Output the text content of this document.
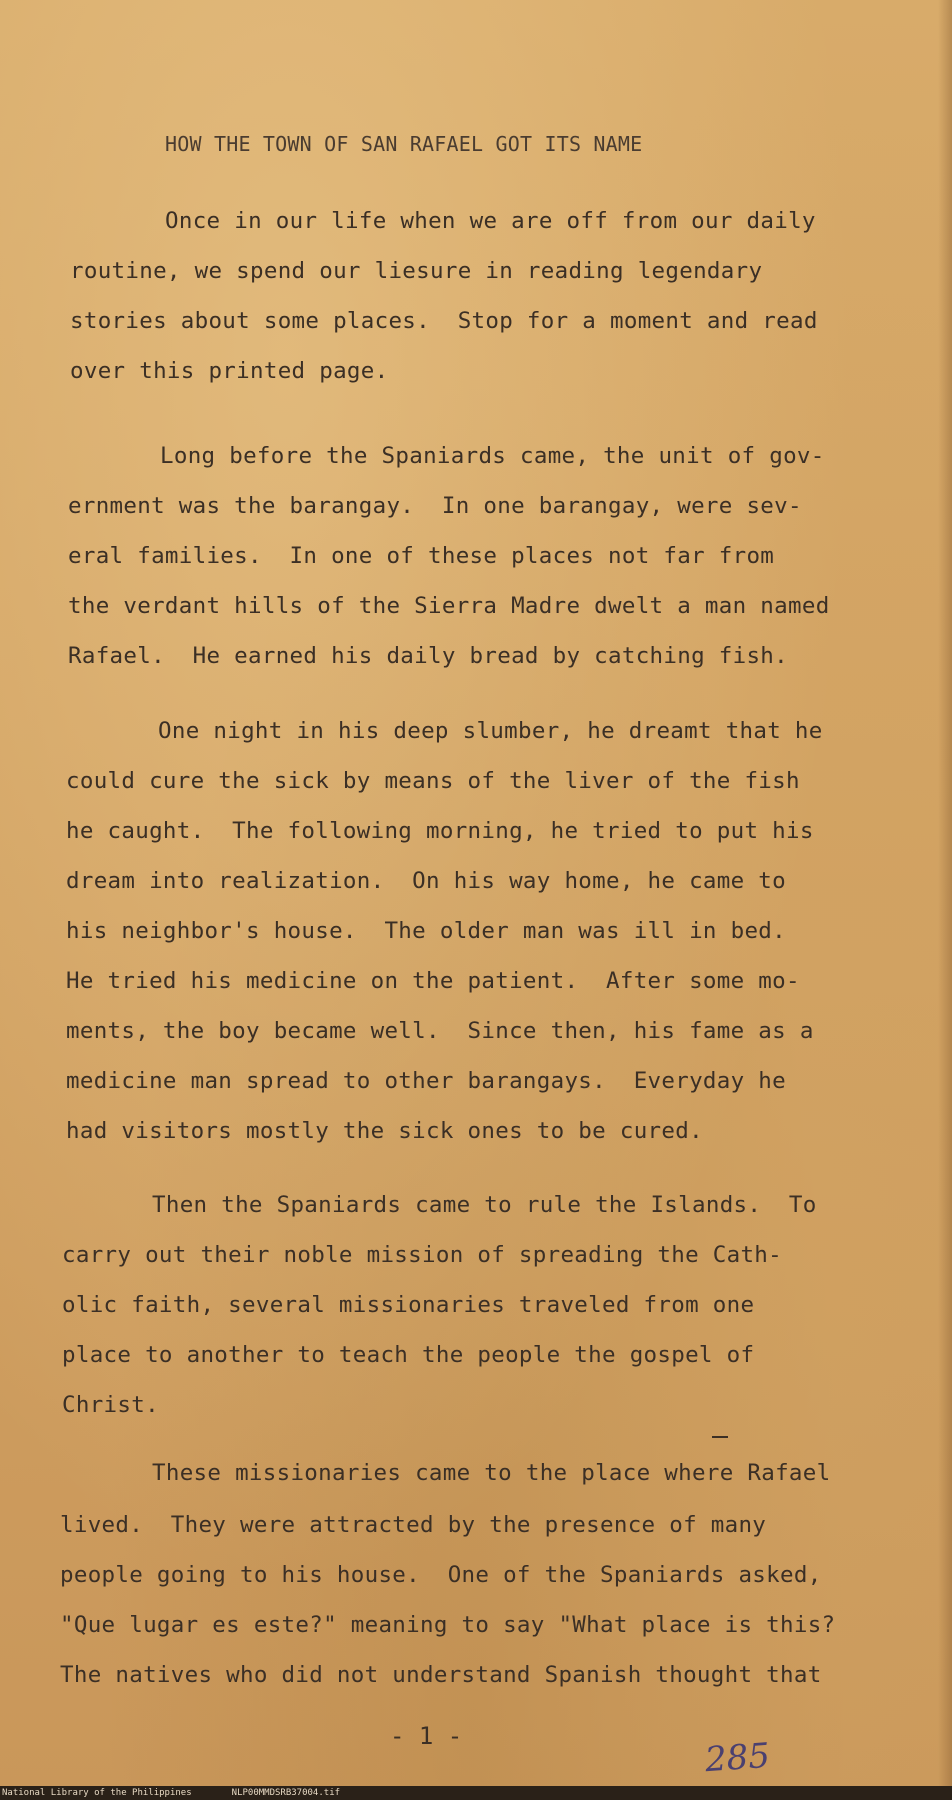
HOW THE TOWN OF SAN RAFAEL GOT ITS NAME
Once in our life when we are off from our daily
routine, we spend our liesure in reading legendary
stories about some places.  Stop for a moment and read
over this printed page.
Long before the Spaniards came, the unit of gov-
ernment was the barangay.  In one barangay, were sev-
eral families.  In one of these places not far from
the verdant hills of the Sierra Madre dwelt a man named
Rafael.  He earned his daily bread by catching fish.
One night in his deep slumber, he dreamt that he
could cure the sick by means of the liver of the fish
he caught.  The following morning, he tried to put his
dream into realization.  On his way home, he came to
his neighbor's house.  The older man was ill in bed.
He tried his medicine on the patient.  After some mo-
ments, the boy became well.  Since then, his fame as a
medicine man spread to other barangays.  Everyday he
had visitors mostly the sick ones to be cured.
Then the Spaniards came to rule the Islands.  To
carry out their noble mission of spreading the Cath-
olic faith, several missionaries traveled from one
place to another to teach the people the gospel of
Christ.
These missionaries came to the place where Rafael
lived.  They were attracted by the presence of many
people going to his house.  One of the Spaniards asked,
"Que lugar es este?" meaning to say "What place is this?
The natives who did not understand Spanish thought that
- 1 -	285
National Library of the Philippines	NLP00MMDSRB37004.tif
